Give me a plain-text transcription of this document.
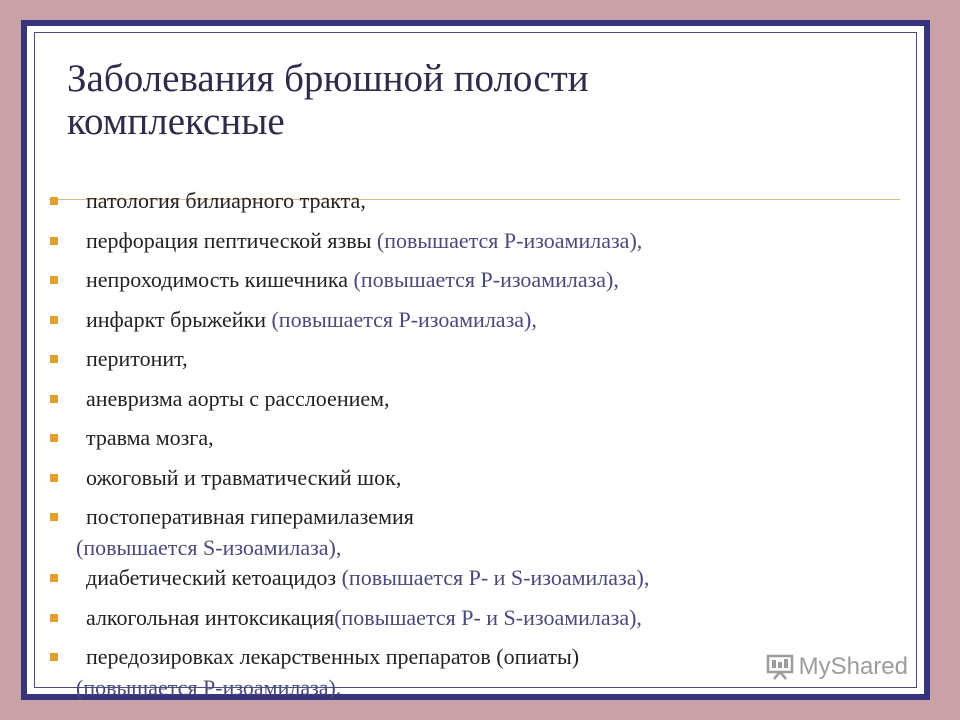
Заболевания брюшной полости
комплексные
патология билиарного тракта,
перфорация пептической язвы (повышается Р-изоамилаза),
непроходимость кишечника (повышается Р-изоамилаза),
инфаркт брыжейки (повышается Р-изоамилаза),
перитонит,
аневризма аорты с расслоением,
травма мозга,
ожоговый и травматический шок,
постоперативная гиперамилаземия
(повышается S-изоамилаза),
диабетический кетоацидоз (повышается Р- и S-изоамилаза),
алкогольная интоксикация(повышается Р- и S-изоамилаза),
передозировках лекарственных препаратов (опиаты)
(повышается Р-изоамилаза).
MyShared
